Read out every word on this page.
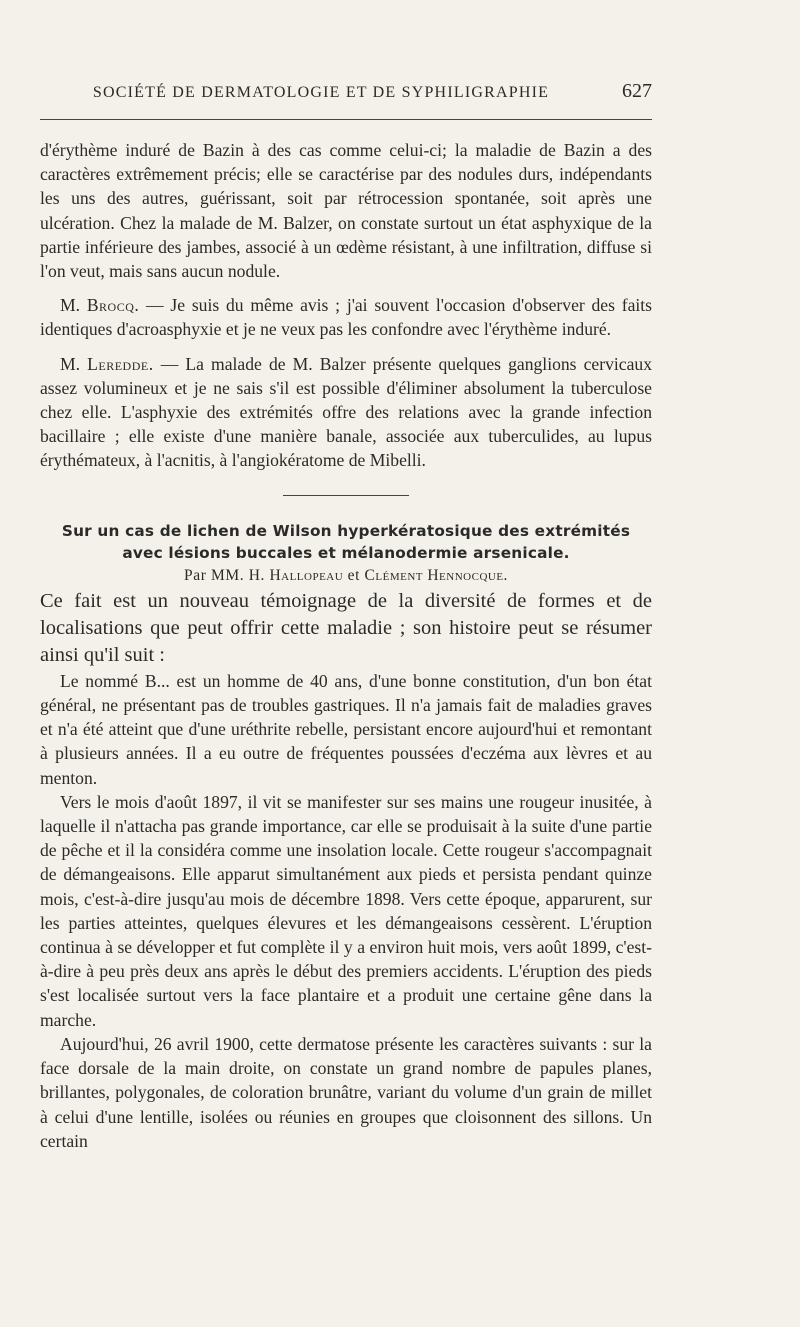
SOCIÉTÉ DE DERMATOLOGIE ET DE SYPHILIGRAPHIE	627

d'érythème induré de Bazin à des cas comme celui-ci; la maladie de Bazin a des caractères extrêmement précis; elle se caractérise par des nodules durs, indépendants les uns des autres, guérissant, soit par rétrocession spontanée, soit après une ulcération. Chez la malade de M. Balzer, on constate surtout un état asphyxique de la partie inférieure des jambes, associé à un œdème résistant, à une infiltration, diffuse si l'on veut, mais sans aucun nodule.

M. Brocq. — Je suis du même avis ; j'ai souvent l'occasion d'observer des faits identiques d'acroasphyxie et je ne veux pas les confondre avec l'érythème induré.

M. Leredde. — La malade de M. Balzer présente quelques ganglions cervicaux assez volumineux et je ne sais s'il est possible d'éliminer absolument la tuberculose chez elle. L'asphyxie des extrémités offre des relations avec la grande infection bacillaire ; elle existe d'une manière banale, associée aux tuberculides, au lupus érythémateux, à l'acnitis, à l'angiokératome de Mibelli.

Sur un cas de lichen de Wilson hyperkératosique des extrémités

avec lésions buccales et mélanodermie arsenicale.

Par MM. H. Hallopeau et Clément Hennocque.

Ce fait est un nouveau témoignage de la diversité de formes et de localisations que peut offrir cette maladie ; son histoire peut se résumer ainsi qu'il suit :

Le nommé B... est un homme de 40 ans, d'une bonne constitution, d'un bon état général, ne présentant pas de troubles gastriques. Il n'a jamais fait de maladies graves et n'a été atteint que d'une uréthrite rebelle, persistant encore aujourd'hui et remontant à plusieurs années. Il a eu outre de fréquentes poussées d'eczéma aux lèvres et au menton.

Vers le mois d'août 1897, il vit se manifester sur ses mains une rougeur inusitée, à laquelle il n'attacha pas grande importance, car elle se produisait à la suite d'une partie de pêche et il la considéra comme une insolation locale. Cette rougeur s'accompagnait de démangeaisons. Elle apparut simultanément aux pieds et persista pendant quinze mois, c'est-à-dire jusqu'au mois de décembre 1898. Vers cette époque, apparurent, sur les parties atteintes, quelques élevures et les démangeaisons cessèrent. L'éruption continua à se développer et fut complète il y a environ huit mois, vers août 1899, c'est-à-dire à peu près deux ans après le début des premiers accidents. L'éruption des pieds s'est localisée surtout vers la face plantaire et a produit une certaine gêne dans la marche.

Aujourd'hui, 26 avril 1900, cette dermatose présente les caractères suivants : sur la face dorsale de la main droite, on constate un grand nombre de papules planes, brillantes, polygonales, de coloration brunâtre, variant du volume d'un grain de millet à celui d'une lentille, isolées ou réunies en groupes que cloisonnent des sillons. Un certain
